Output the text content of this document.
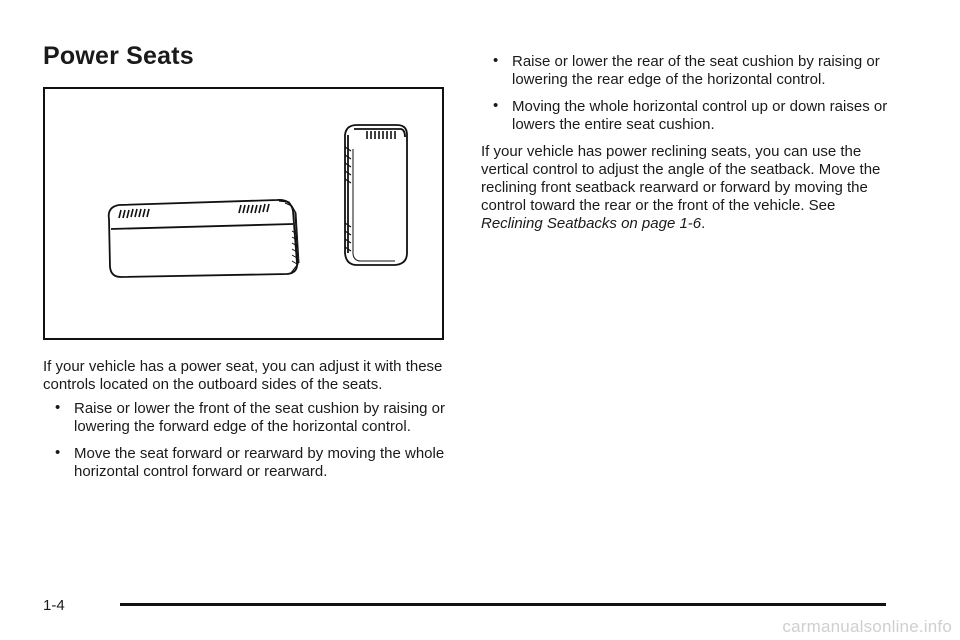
Power Seats

If your vehicle has a power seat, you can adjust it with these controls located on the outboard sides of the seats.

• Raise or lower the front of the seat cushion by raising or lowering the forward edge of the horizontal control.
• Move the seat forward or rearward by moving the whole horizontal control forward or rearward.
• Raise or lower the rear of the seat cushion by raising or lowering the rear edge of the horizontal control.
• Moving the whole horizontal control up or down raises or lowers the entire seat cushion.

If your vehicle has power reclining seats, you can use the vertical control to adjust the angle of the seatback. Move the reclining front seatback rearward or forward by moving the control toward the rear or the front of the vehicle. See Reclining Seatbacks on page 1-6.

1-4
carmanualsonline.info
